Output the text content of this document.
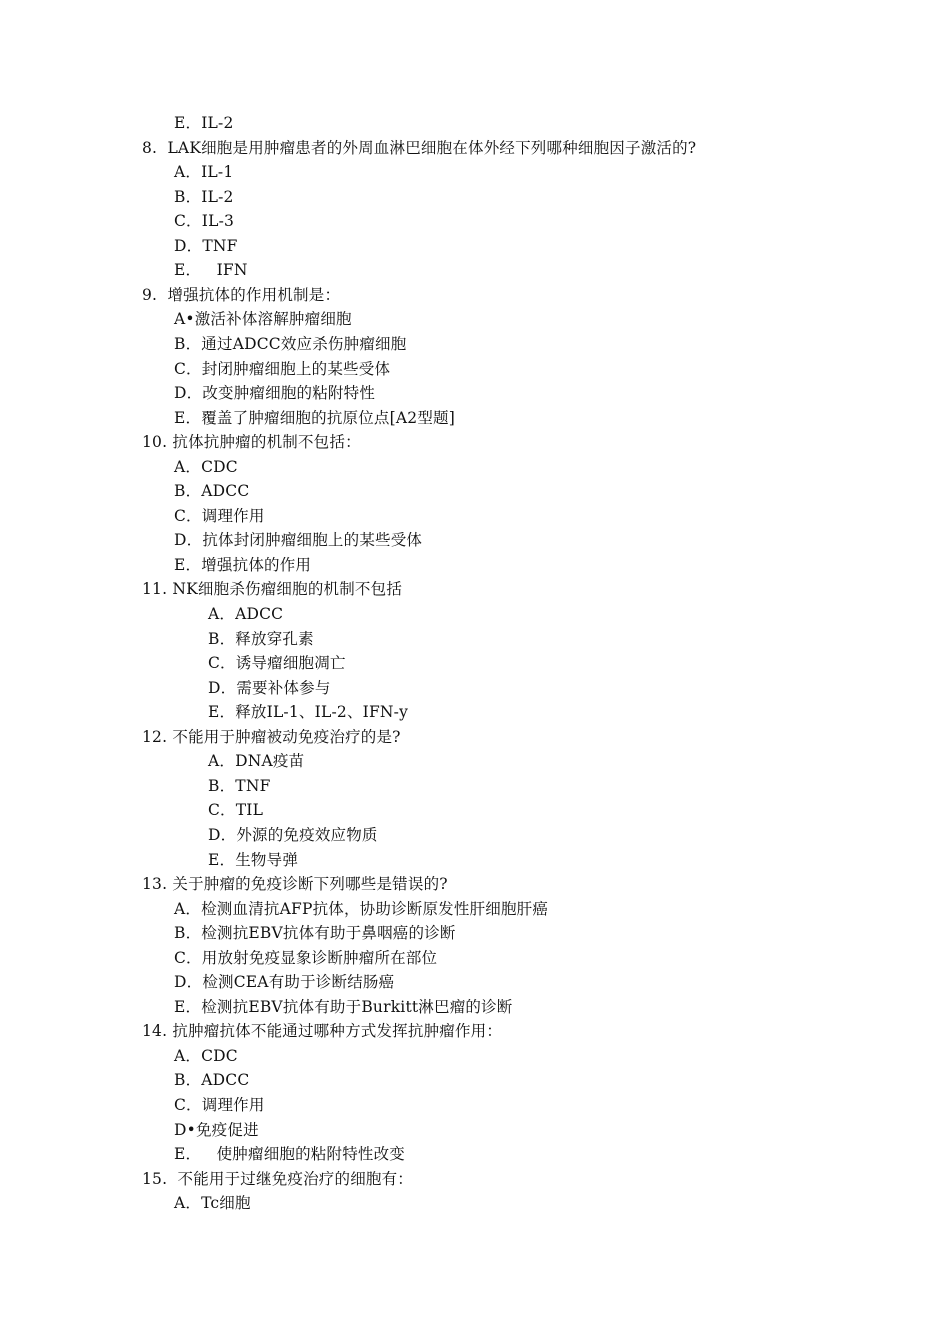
E．IL-2
8.  LAK细胞是用肿瘤患者的外周血淋巴细胞在体外经下列哪种细胞因子激活的?
A．IL-1
B．IL-2
C．IL-3
D．TNF
E．   IFN
9.  增强抗体的作用机制是：
A•激活补体溶解肿瘤细胞
B．通过ADCC效应杀伤肿瘤细胞
C．封闭肿瘤细胞上的某些受体
D．改变肿瘤细胞的粘附特性
E．覆盖了肿瘤细胞的抗原位点[A2型题]
10. 抗体抗肿瘤的机制不包括：
A．CDC
B．ADCC
C．调理作用
D．抗体封闭肿瘤细胞上的某些受体
E．增强抗体的作用
11. NK细胞杀伤瘤细胞的机制不包括
A．ADCC
B．释放穿孔素
C．诱导瘤细胞凋亡
D．需要补体参与
E．释放IL-1、IL-2、IFN-y
12. 不能用于肿瘤被动免疫治疗的是?
A．DNA疫苗
B．TNF
C．TIL
D．外源的免疫效应物质
E．生物导弹
13. 关于肿瘤的免疫诊断下列哪些是错误的?
A．检测血清抗AFP抗体，协助诊断原发性肝细胞肝癌
B．检测抗EBV抗体有助于鼻咽癌的诊断
C．用放射免疫显象诊断肿瘤所在部位
D．检测CEA有助于诊断结肠癌
E．检测抗EBV抗体有助于Burkitt淋巴瘤的诊断
14. 抗肿瘤抗体不能通过哪种方式发挥抗肿瘤作用：
A．CDC
B．ADCC
C．调理作用
D•免疫促进
E．   使肿瘤细胞的粘附特性改变
15.  不能用于过继免疫治疗的细胞有：
A．Tc细胞
